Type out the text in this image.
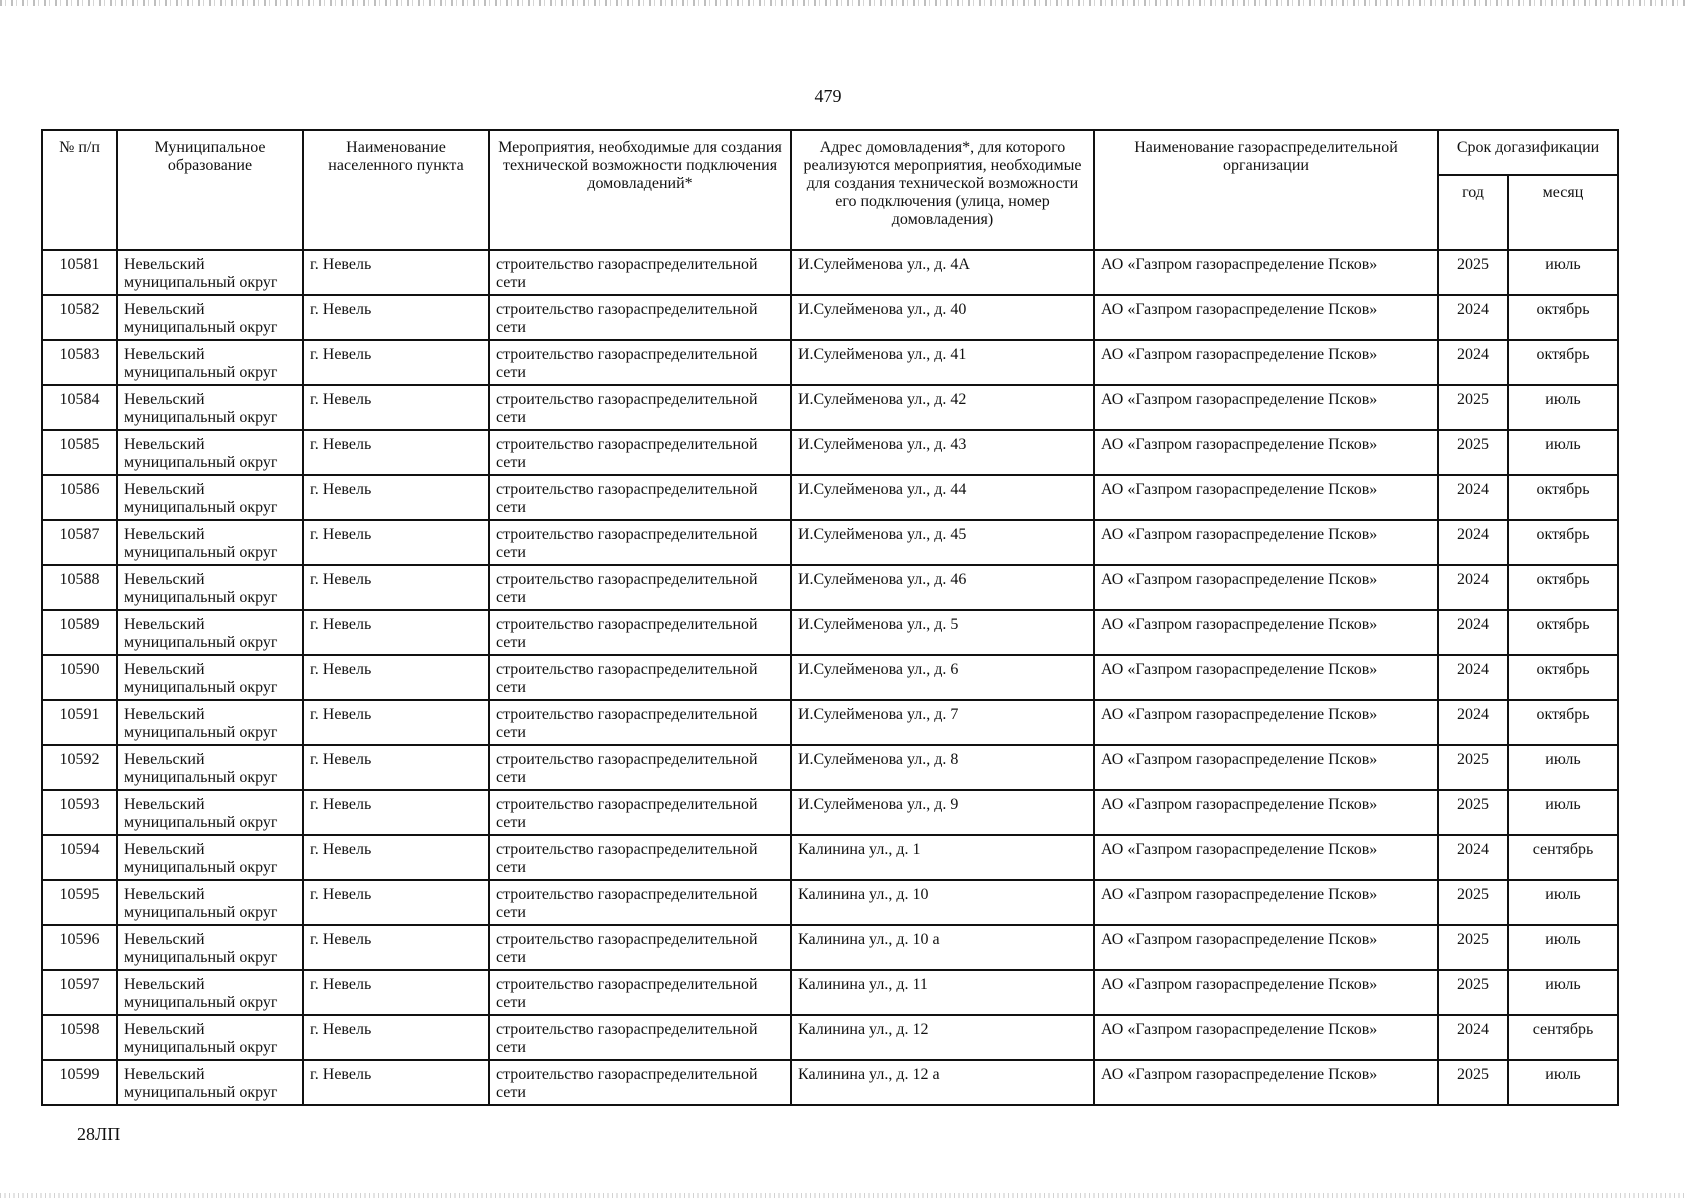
479
№ п/п	Муниципальное образование	Наименование населенного пункта	Мероприятия, необходимые для создания технической возможности подключения домовладений*	Адрес домовладения*, для которого реализуются мероприятия, необходимые для создания технической возможности его подключения (улица, номер домовладения)	Наименование газораспределительной организации	Срок догазификации	
						год	месяц
10581	Невельский муниципальный округ	г. Невель	строительство газораспределительной сети	И.Сулейменова ул., д. 4А	АО «Газпром газораспределение Псков»	2025	июль
10582	Невельский муниципальный округ	г. Невель	строительство газораспределительной сети	И.Сулейменова ул., д. 40	АО «Газпром газораспределение Псков»	2024	октябрь
10583	Невельский муниципальный округ	г. Невель	строительство газораспределительной сети	И.Сулейменова ул., д. 41	АО «Газпром газораспределение Псков»	2024	октябрь
10584	Невельский муниципальный округ	г. Невель	строительство газораспределительной сети	И.Сулейменова ул., д. 42	АО «Газпром газораспределение Псков»	2025	июль
10585	Невельский муниципальный округ	г. Невель	строительство газораспределительной сети	И.Сулейменова ул., д. 43	АО «Газпром газораспределение Псков»	2025	июль
10586	Невельский муниципальный округ	г. Невель	строительство газораспределительной сети	И.Сулейменова ул., д. 44	АО «Газпром газораспределение Псков»	2024	октябрь
10587	Невельский муниципальный округ	г. Невель	строительство газораспределительной сети	И.Сулейменова ул., д. 45	АО «Газпром газораспределение Псков»	2024	октябрь
10588	Невельский муниципальный округ	г. Невель	строительство газораспределительной сети	И.Сулейменова ул., д. 46	АО «Газпром газораспределение Псков»	2024	октябрь
10589	Невельский муниципальный округ	г. Невель	строительство газораспределительной сети	И.Сулейменова ул., д. 5	АО «Газпром газораспределение Псков»	2024	октябрь
10590	Невельский муниципальный округ	г. Невель	строительство газораспределительной сети	И.Сулейменова ул., д. 6	АО «Газпром газораспределение Псков»	2024	октябрь
10591	Невельский муниципальный округ	г. Невель	строительство газораспределительной сети	И.Сулейменова ул., д. 7	АО «Газпром газораспределение Псков»	2024	октябрь
10592	Невельский муниципальный округ	г. Невель	строительство газораспределительной сети	И.Сулейменова ул., д. 8	АО «Газпром газораспределение Псков»	2025	июль
10593	Невельский муниципальный округ	г. Невель	строительство газораспределительной сети	И.Сулейменова ул., д. 9	АО «Газпром газораспределение Псков»	2025	июль
10594	Невельский муниципальный округ	г. Невель	строительство газораспределительной сети	Калинина ул., д. 1	АО «Газпром газораспределение Псков»	2024	сентябрь
10595	Невельский муниципальный округ	г. Невель	строительство газораспределительной сети	Калинина ул., д. 10	АО «Газпром газораспределение Псков»	2025	июль
10596	Невельский муниципальный округ	г. Невель	строительство газораспределительной сети	Калинина ул., д. 10 а	АО «Газпром газораспределение Псков»	2025	июль
10597	Невельский муниципальный округ	г. Невель	строительство газораспределительной сети	Калинина ул., д. 11	АО «Газпром газораспределение Псков»	2025	июль
10598	Невельский муниципальный округ	г. Невель	строительство газораспределительной сети	Калинина ул., д. 12	АО «Газпром газораспределение Псков»	2024	сентябрь
10599	Невельский муниципальный округ	г. Невель	строительство газораспределительной сети	Калинина ул., д. 12 а	АО «Газпром газораспределение Псков»	2025	июль
28ЛП
